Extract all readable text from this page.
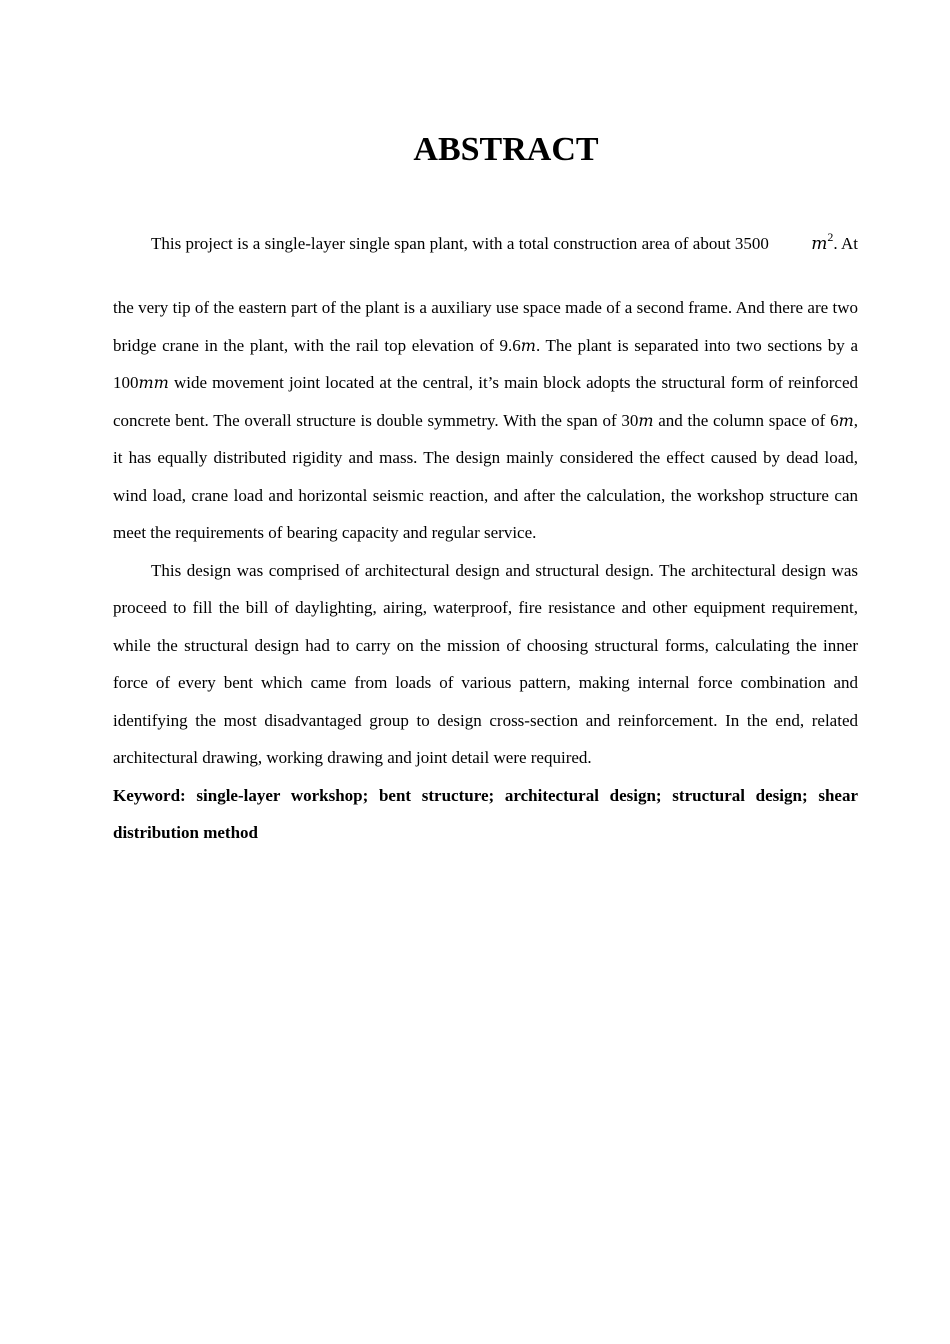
ABSTRACT

This project is a single-layer single span plant, with a total construction area of about 3500 $m^2$. At the very tip of the eastern part of the plant is a auxiliary use space made of a second frame. And there are two bridge crane in the plant, with the rail top elevation of 9.6m. The plant is separated into two sections by a 100mm wide movement joint located at the central, it’s main block adopts the structural form of reinforced concrete bent. The overall structure is double symmetry. With the span of 30m and the column space of 6m, it has equally distributed rigidity and mass. The design mainly considered the effect caused by dead load, wind load, crane load and horizontal seismic reaction, and after the calculation, the workshop structure can meet the requirements of bearing capacity and regular service.

This design was comprised of architectural design and structural design. The architectural design was proceed to fill the bill of daylighting, airing, waterproof, fire resistance and other equipment requirement, while the structural design had to carry on the mission of choosing structural forms, calculating the inner force of every bent which came from loads of various pattern, making internal force combination and identifying the most disadvantaged group to design cross-section and reinforcement. In the end, related architectural drawing, working drawing and joint detail were required.

Keyword: single-layer workshop; bent structure; architectural design; structural design; shear distribution method
